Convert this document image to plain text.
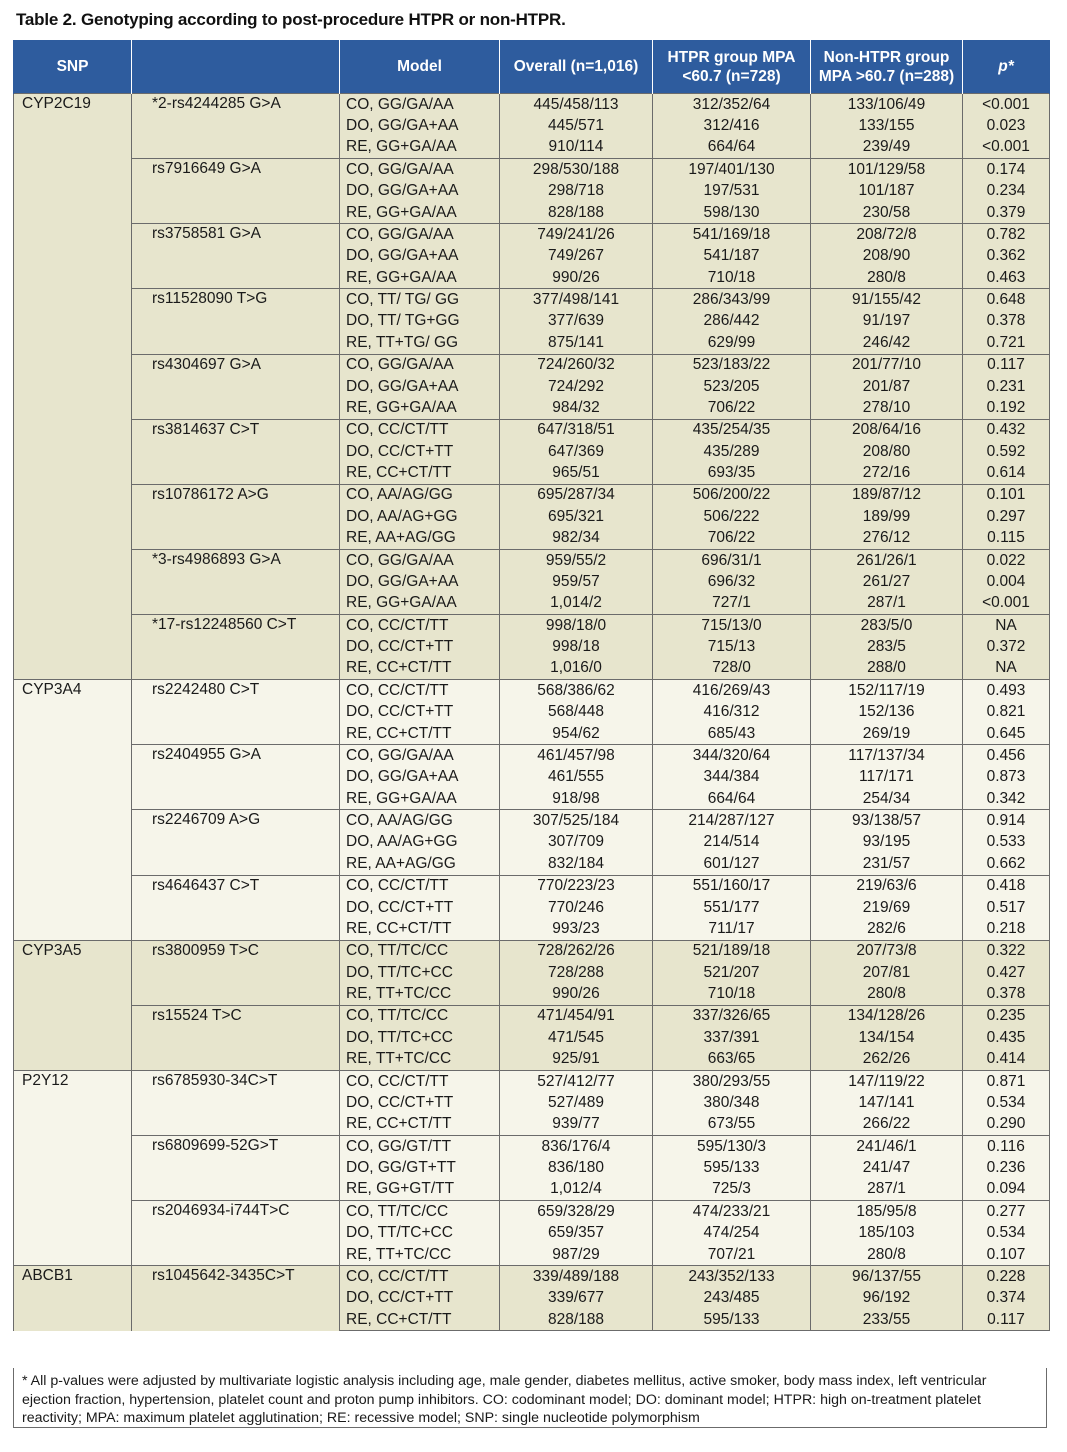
Table 2. Genotyping according to post-procedure HTPR or non-HTPR.
SNP		Model	Overall (n=1,016)	HTPR group MPA
<60.7 (n=728)	Non-HTPR group
MPA >60.7 (n=288)	p*
CYP2C19	*2-rs4244285 G>A	CO, GG/GA/AA	445/458/113	312/352/64	133/106/49	<0.001
		DO, GG/GA+AA	445/571	312/416	133/155	0.023
		RE, GG+GA/AA	910/114	664/64	239/49	<0.001
	rs7916649 G>A	CO, GG/GA/AA	298/530/188	197/401/130	101/129/58	0.174
		DO, GG/GA+AA	298/718	197/531	101/187	0.234
		RE, GG+GA/AA	828/188	598/130	230/58	0.379
	rs3758581 G>A	CO, GG/GA/AA	749/241/26	541/169/18	208/72/8	0.782
		DO, GG/GA+AA	749/267	541/187	208/90	0.362
		RE, GG+GA/AA	990/26	710/18	280/8	0.463
	rs11528090 T>G	CO, TT/ TG/ GG	377/498/141	286/343/99	91/155/42	0.648
		DO, TT/ TG+GG	377/639	286/442	91/197	0.378
		RE, TT+TG/ GG	875/141	629/99	246/42	0.721
	rs4304697 G>A	CO, GG/GA/AA	724/260/32	523/183/22	201/77/10	0.117
		DO, GG/GA+AA	724/292	523/205	201/87	0.231
		RE, GG+GA/AA	984/32	706/22	278/10	0.192
	rs3814637 C>T	CO, CC/CT/TT	647/318/51	435/254/35	208/64/16	0.432
		DO, CC/CT+TT	647/369	435/289	208/80	0.592
		RE, CC+CT/TT	965/51	693/35	272/16	0.614
	rs10786172 A>G	CO, AA/AG/GG	695/287/34	506/200/22	189/87/12	0.101
		DO, AA/AG+GG	695/321	506/222	189/99	0.297
		RE, AA+AG/GG	982/34	706/22	276/12	0.115
	*3-rs4986893 G>A	CO, GG/GA/AA	959/55/2	696/31/1	261/26/1	0.022
		DO, GG/GA+AA	959/57	696/32	261/27	0.004
		RE, GG+GA/AA	1,014/2	727/1	287/1	<0.001
	*17-rs12248560 C>T	CO, CC/CT/TT	998/18/0	715/13/0	283/5/0	NA
		DO, CC/CT+TT	998/18	715/13	283/5	0.372
		RE, CC+CT/TT	1,016/0	728/0	288/0	NA
CYP3A4	rs2242480 C>T	CO, CC/CT/TT	568/386/62	416/269/43	152/117/19	0.493
		DO, CC/CT+TT	568/448	416/312	152/136	0.821
		RE, CC+CT/TT	954/62	685/43	269/19	0.645
	rs2404955 G>A	CO, GG/GA/AA	461/457/98	344/320/64	117/137/34	0.456
		DO, GG/GA+AA	461/555	344/384	117/171	0.873
		RE, GG+GA/AA	918/98	664/64	254/34	0.342
	rs2246709 A>G	CO, AA/AG/GG	307/525/184	214/287/127	93/138/57	0.914
		DO, AA/AG+GG	307/709	214/514	93/195	0.533
		RE, AA+AG/GG	832/184	601/127	231/57	0.662
	rs4646437 C>T	CO, CC/CT/TT	770/223/23	551/160/17	219/63/6	0.418
		DO, CC/CT+TT	770/246	551/177	219/69	0.517
		RE, CC+CT/TT	993/23	711/17	282/6	0.218
CYP3A5	rs3800959 T>C	CO, TT/TC/CC	728/262/26	521/189/18	207/73/8	0.322
		DO, TT/TC+CC	728/288	521/207	207/81	0.427
		RE, TT+TC/CC	990/26	710/18	280/8	0.378
	rs15524 T>C	CO, TT/TC/CC	471/454/91	337/326/65	134/128/26	0.235
		DO, TT/TC+CC	471/545	337/391	134/154	0.435
		RE, TT+TC/CC	925/91	663/65	262/26	0.414
P2Y12	rs6785930-34C>T	CO, CC/CT/TT	527/412/77	380/293/55	147/119/22	0.871
		DO, CC/CT+TT	527/489	380/348	147/141	0.534
		RE, CC+CT/TT	939/77	673/55	266/22	0.290
	rs6809699-52G>T	CO, GG/GT/TT	836/176/4	595/130/3	241/46/1	0.116
		DO, GG/GT+TT	836/180	595/133	241/47	0.236
		RE, GG+GT/TT	1,012/4	725/3	287/1	0.094
	rs2046934-i744T>C	CO, TT/TC/CC	659/328/29	474/233/21	185/95/8	0.277
		DO, TT/TC+CC	659/357	474/254	185/103	0.534
		RE, TT+TC/CC	987/29	707/21	280/8	0.107
ABCB1	rs1045642-3435C>T	CO, CC/CT/TT	339/489/188	243/352/133	96/137/55	0.228
		DO, CC/CT+TT	339/677	243/485	96/192	0.374
		RE, CC+CT/TT	828/188	595/133	233/55	0.117
* All p-values were adjusted by multivariate logistic analysis including age, male gender, diabetes mellitus, active smoker, body mass index, left ventricular ejection fraction, hypertension, platelet count and proton pump inhibitors. CO: codominant model; DO: dominant model; HTPR: high on-treatment platelet reactivity; MPA: maximum platelet agglutination; RE: recessive model; SNP: single nucleotide polymorphism
